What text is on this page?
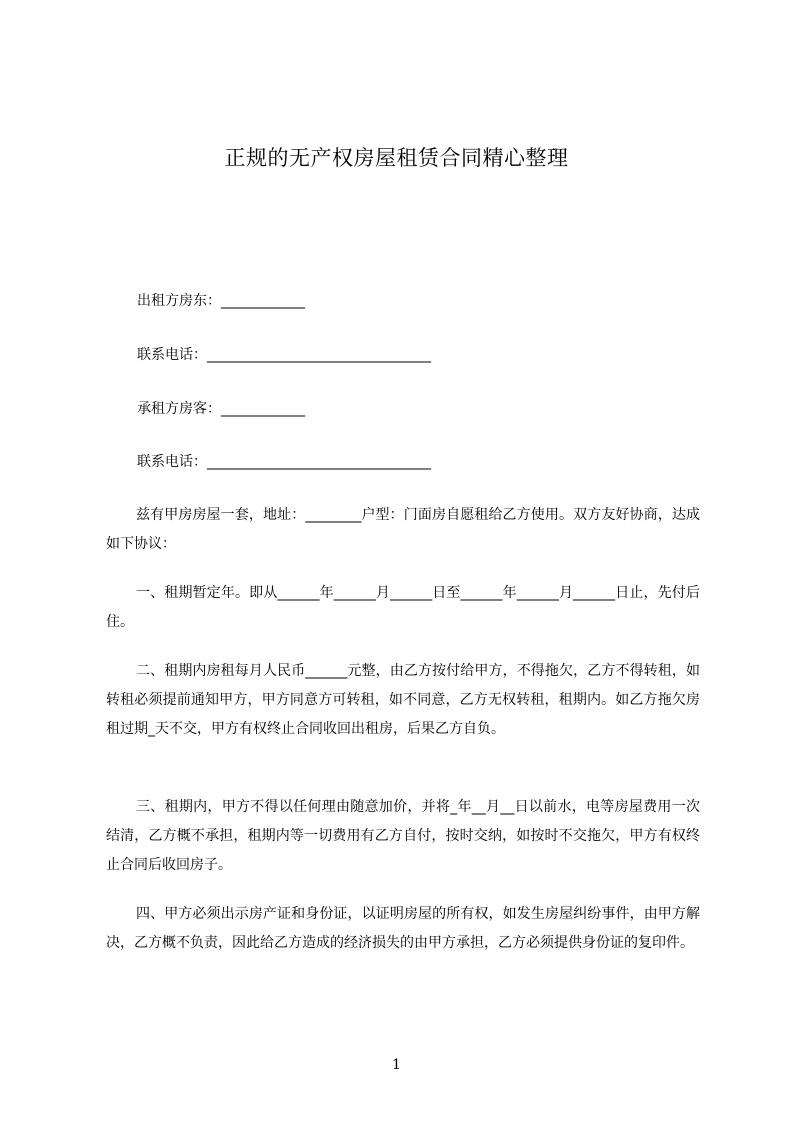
正规的无产权房屋租赁合同精心整理
出租方房东：____________
联系电话：________________________________
承租方房客：____________
联系电话：________________________________
兹有甲房房屋一套，地址：________户型：门面房自愿租给乙方使用。双方友好协商，达成如下协议：
一、租期暂定年。即从______年______月______日至______年______月______日止，先付后住。
二、租期内房租每月人民币______元整，由乙方按付给甲方，不得拖欠，乙方不得转租，如转租必须提前通知甲方，甲方同意方可转租，如不同意，乙方无权转租，租期内。如乙方拖欠房租过期_天不交，甲方有权终止合同收回出租房，后果乙方自负。
三、租期内，甲方不得以任何理由随意加价，并将_年__月__日以前水，电等房屋费用一次结清，乙方概不承担，租期内等一切费用有乙方自付，按时交纳，如按时不交拖欠，甲方有权终止合同后收回房子。
四、甲方必须出示房产证和身份证，以证明房屋的所有权，如发生房屋纠纷事件，由甲方解决，乙方概不负责，因此给乙方造成的经济损失的由甲方承担，乙方必须提供身份证的复印件。
1
